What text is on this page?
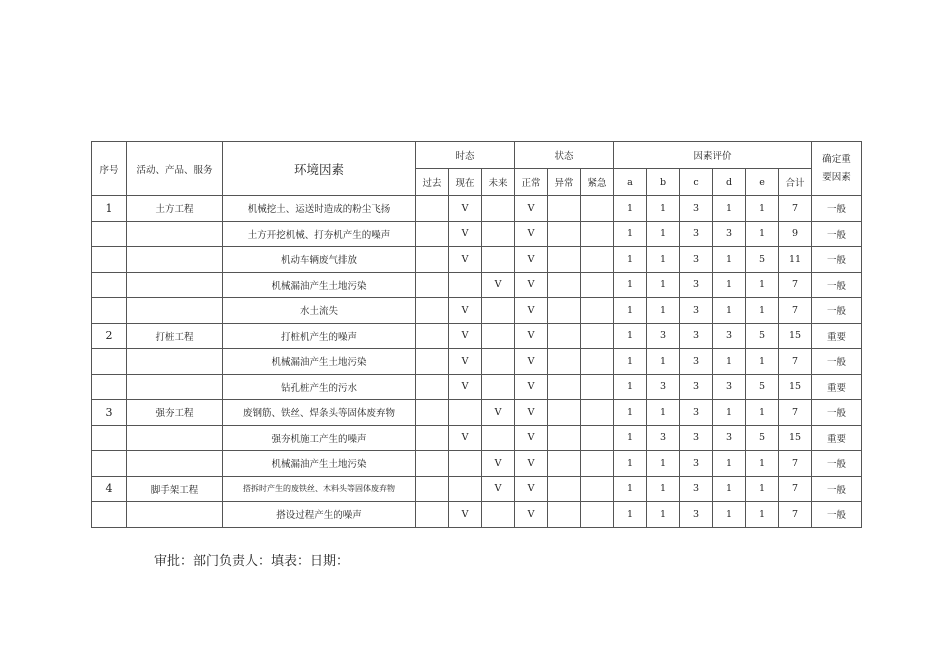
序号	活动、产品、服务	环境因素	时态			状态			因素评价						确定重
要因素
			过去	现在	未来	正常	异常	紧急	a	b	c	d	e	合计	
1	土方工程	机械挖土、运送时造成的粉尘飞扬		V		V			1	1	3	1	1	7	一般
		土方开挖机械、打夯机产生的噪声		V		V			1	1	3	3	1	9	一般
		机动车辆废气排放		V		V			1	1	3	1	5	11	一般
		机械漏油产生土地污染			V	V			1	1	3	1	1	7	一般
		水土流失		V		V			1	1	3	1	1	7	一般
2	打桩工程	打桩机产生的噪声		V		V			1	3	3	3	5	15	重要
		机械漏油产生土地污染		V		V			1	1	3	1	1	7	一般
		钻孔桩产生的污水		V		V			1	3	3	3	5	15	重要
3	强夯工程	废钢筋、铁丝、焊条头等固体废弃物			V	V			1	1	3	1	1	7	一般
		强夯机施工产生的噪声		V		V			1	3	3	3	5	15	重要
		机械漏油产生土地污染			V	V			1	1	3	1	1	7	一般
4	脚手架工程	搭拆时产生的废铁丝、木料头等固体废弃物			V	V			1	1	3	1	1	7	一般
		搭设过程产生的噪声		V		V			1	1	3	1	1	7	一般
审批：部门负责人：填表：日期：
